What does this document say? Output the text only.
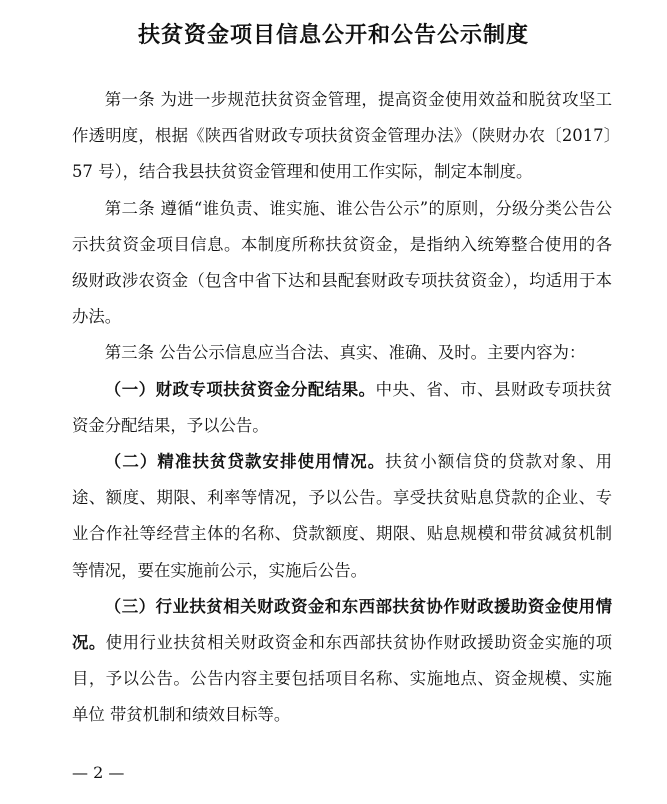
扶贫资金项目信息公开和公告公示制度

第一条 为进一步规范扶贫资金管理，提高资金使用效益和脱贫攻坚工作透明度，根据《陕西省财政专项扶贫资金管理办法》（陕财办农〔2017〕57 号），结合我县扶贫资金管理和使用工作实际，制定本制度。

第二条 遵循“谁负责、谁实施、谁公告公示”的原则，分级分类公告公示扶贫资金项目信息。本制度所称扶贫资金，是指纳入统筹整合使用的各级财政涉农资金（包含中省下达和县配套财政专项扶贫资金），均适用于本办法。

第三条 公告公示信息应当合法、真实、准确、及时。主要内容为：

（一）财政专项扶贫资金分配结果。中央、省、市、县财政专项扶贫资金分配结果，予以公告。

（二）精准扶贫贷款安排使用情况。扶贫小额信贷的贷款对象、用途、额度、期限、利率等情况，予以公告。享受扶贫贴息贷款的企业、专业合作社等经营主体的名称、贷款额度、期限、贴息规模和带贫减贫机制等情况，要在实施前公示，实施后公告。

（三）行业扶贫相关财政资金和东西部扶贫协作财政援助资金使用情况。使用行业扶贫相关财政资金和东西部扶贫协作财政援助资金实施的项目，予以公告。公告内容主要包括项目名称、实施地点、资金规模、实施单位 带贫机制和绩效目标等。

— 2 —
